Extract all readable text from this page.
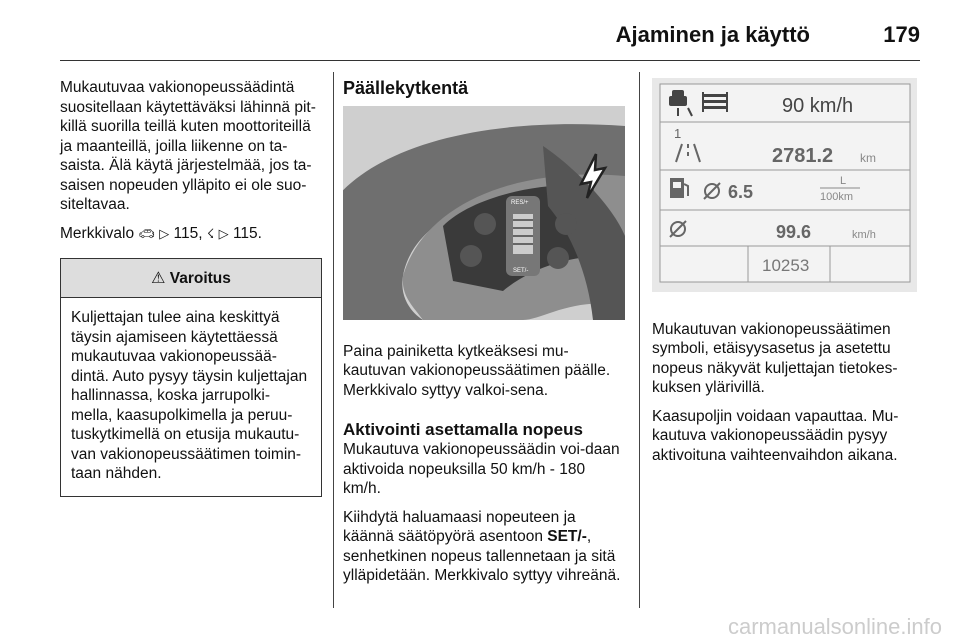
Ajaminen ja käyttö	179

Mukautuvaa vakionopeussäädintä suositellaan käytettäväksi lähinnä pit-killä suorilla teillä kuten moottoriteillä ja maanteillä, joilla liikenne on ta-saista. Älä käytä järjestelmää, jos ta-saisen nopeuden ylläpito ei ole suo-siteltavaa.

Merkkivalo 🚗︎ ▷ 115, ☇ ▷ 115.

⚠ Varoitus
Kuljettajan tulee aina keskittyä täysin ajamiseen käytettäessä mukautuvaa vakionopeussää-dintä. Auto pysyy täysin kuljettajan hallinnassa, koska jarrupolki-mella, kaasupolkimella ja peruu-tuskytkimellä on etusija mukautu-van vakionopeussäätimen toimin-taan nähden.
Päällekytkentä
RES/+
SET/-

Paina painiketta kytkeäksesi mu-kautuvan vakionopeussäätimen päälle. Merkkivalo syttyy valkoi-sena.

Aktivointi asettamalla nopeus

Mukautuva vakionopeussäädin voi-daan aktivoida nopeuksilla 50 km/h - 180 km/h.

Kiihdytä haluamaasi nopeuteen ja käännä säätöpyörä asentoon SET/-, senhetkinen nopeus tallennetaan ja sitä ylläpidetään. Merkkivalo syttyy vihreänä.

90 km/h
1
2781.2 km
6.5
L
100km
99.6	km/h
10253

Mukautuvan vakionopeussäätimen symboli, etäisyysasetus ja asetettu nopeus näkyvät kuljettajan tietokes-kuksen ylärivillä.

Kaasupoljin voidaan vapauttaa. Mu-kautuva vakionopeussäädin pysyy aktivoituna vaihteenvaihdon aikana.

carmanualsonline.info
